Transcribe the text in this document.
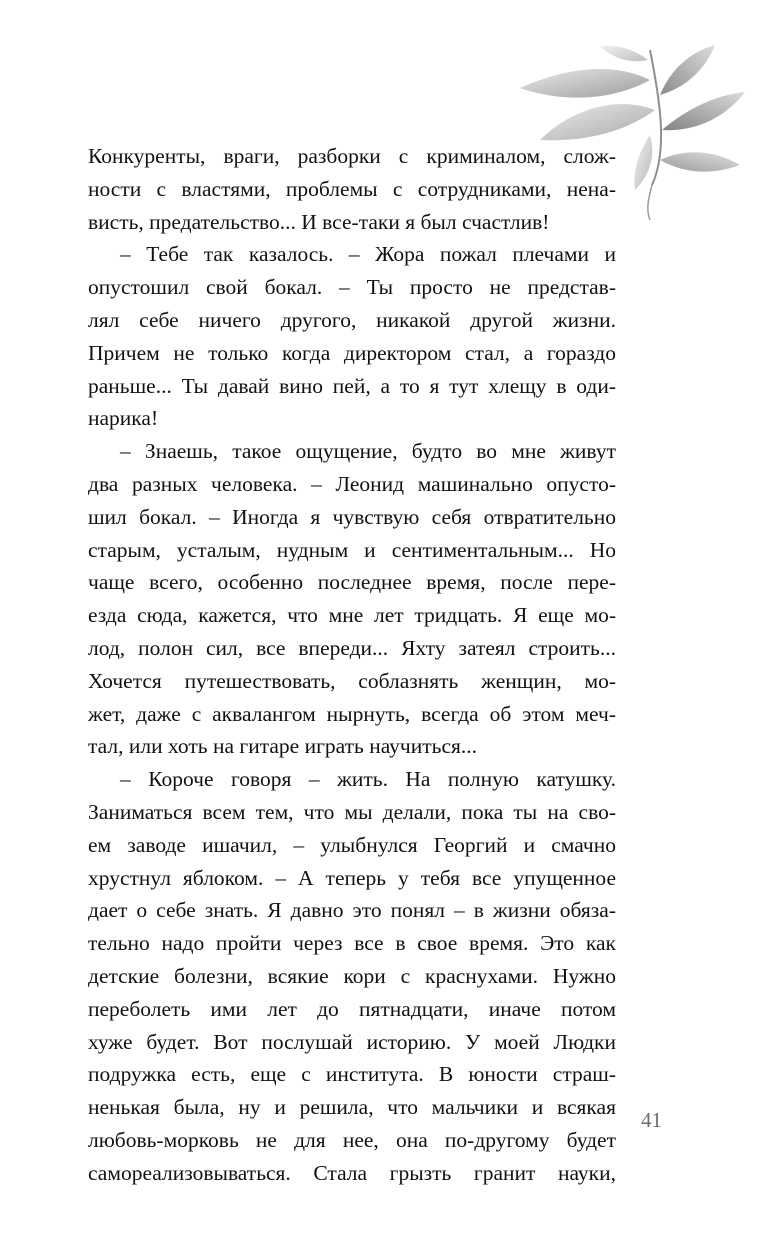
Конкуренты, враги, разборки с криминалом, слож-
ности с властями, проблемы с сотрудниками, нена-
висть, предательство... И все-таки я был счастлив!
– Тебе так казалось. – Жора пожал плечами и
опустошил свой бокал. – Ты просто не представ-
лял себе ничего другого, никакой другой жизни.
Причем не только когда директором стал, а гораздо
раньше... Ты давай вино пей, а то я тут хлещу в оди-
нарика!
– Знаешь, такое ощущение, будто во мне живут
два разных человека. – Леонид машинально опусто-
шил бокал. – Иногда я чувствую себя отвратительно
старым, усталым, нудным и сентиментальным... Но
чаще всего, особенно последнее время, после пере-
езда сюда, кажется, что мне лет тридцать. Я еще мо-
лод, полон сил, все впереди... Яхту затеял строить...
Хочется путешествовать, соблазнять женщин, мо-
жет, даже с аквалангом нырнуть, всегда об этом меч-
тал, или хоть на гитаре играть научиться...
– Короче говоря – жить. На полную катушку.
Заниматься всем тем, что мы делали, пока ты на сво-
ем заводе ишачил, – улыбнулся Георгий и смачно
хрустнул яблоком. – А теперь у тебя все упущенное
дает о себе знать. Я давно это понял – в жизни обяза-
тельно надо пройти через все в свое время. Это как
детские болезни, всякие кори с краснухами. Нужно
переболеть ими лет до пятнадцати, иначе потом
хуже будет. Вот послушай историю. У моей Людки
подружка есть, еще с института. В юности страш-
ненькая была, ну и решила, что мальчики и всякая
любовь-морковь не для нее, она по-другому будет
самореализовываться. Стала грызть гранит науки,
41
